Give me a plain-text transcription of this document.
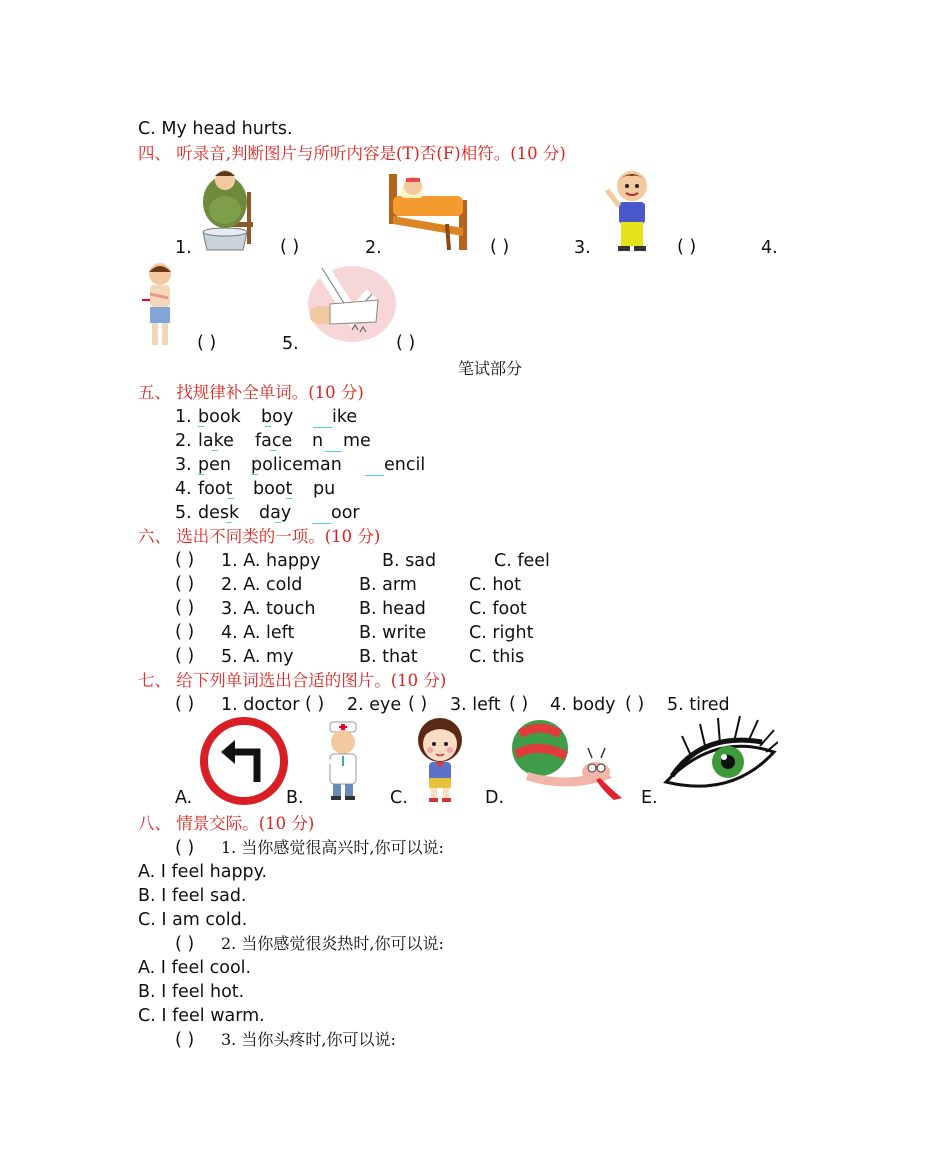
C. My head hurts.
四、 听录音,判断图片与所听内容是(T)否(F)相符。(10 分)
1.	( )	2.	( )	3.	( )	4.
( )	5.	( )
笔试部分
五、 找规律补全单词。(10 分)
1. book boy ike
2. lake face n me
3. pen policeman encil
4. foot boot pu
5. desk day oor
六、 选出不同类的一项。(10 分)
( ) 1. A. happy	B. sad	C. feel
( ) 2. A. cold	B. arm	C. hot
( ) 3. A. touch B. head C. foot
( ) 4. A. left	B. write C. right
( ) 5. A. my	B. that	C. this
七、 给下列单词选出合适的图片。(10 分)
( ) 1. doctor ( ) 2. eye ( ) 3. left ( ) 4. body ( ) 5. tired
A.	B.	C.	D.	E.
八、 情景交际。(10 分)
( ) 1. 当你感觉很高兴时,你可以说:
A. I feel happy.
B. I feel sad.
C. I am cold.
( ) 2. 当你感觉很炎热时,你可以说:
A. I feel cool.
B. I feel hot.
C. I feel warm.
( ) 3. 当你头疼时,你可以说:
